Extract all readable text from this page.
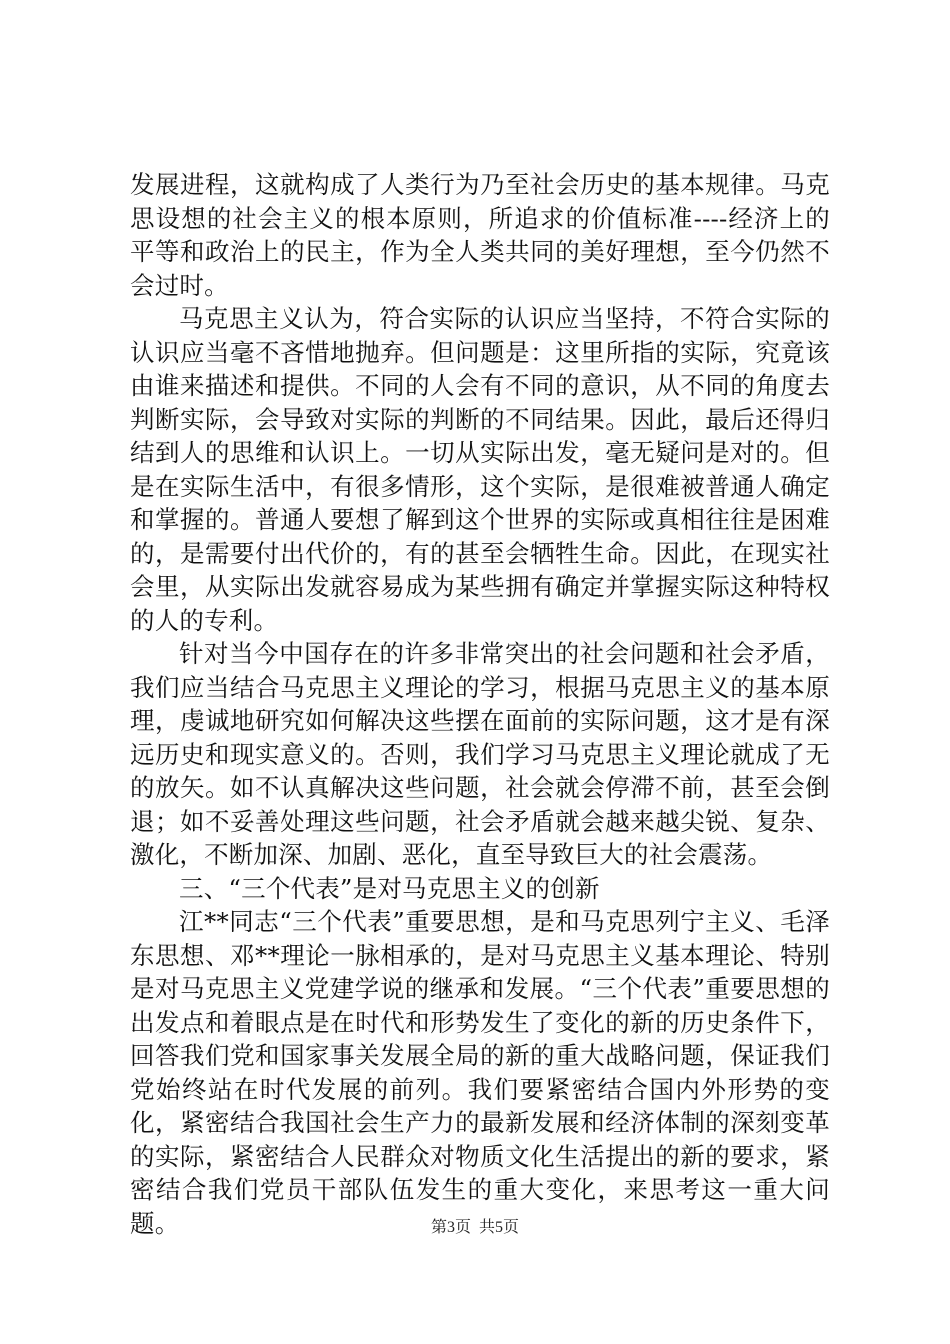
发展进程，这就构成了人类行为乃至社会历史的基本规律。马克思设想的社会主义的根本原则，所追求的价值标准----经济上的平等和政治上的民主，作为全人类共同的美好理想，至今仍然不会过时。

马克思主义认为，符合实际的认识应当坚持，不符合实际的认识应当毫不吝惜地抛弃。但问题是：这里所指的实际，究竟该由谁来描述和提供。不同的人会有不同的意识，从不同的角度去判断实际，会导致对实际的判断的不同结果。因此，最后还得归结到人的思维和认识上。一切从实际出发，毫无疑问是对的。但是在实际生活中，有很多情形，这个实际，是很难被普通人确定和掌握的。普通人要想了解到这个世界的实际或真相往往是困难的，是需要付出代价的，有的甚至会牺牲生命。因此，在现实社会里，从实际出发就容易成为某些拥有确定并掌握实际这种特权的人的专利。

针对当今中国存在的许多非常突出的社会问题和社会矛盾，我们应当结合马克思主义理论的学习，根据马克思主义的基本原理，虔诚地研究如何解决这些摆在面前的实际问题，这才是有深远历史和现实意义的。否则，我们学习马克思主义理论就成了无的放矢。如不认真解决这些问题，社会就会停滞不前，甚至会倒退；如不妥善处理这些问题，社会矛盾就会越来越尖锐、复杂、激化，不断加深、加剧、恶化，直至导致巨大的社会震荡。

三、“三个代表”是对马克思主义的创新

江**同志“三个代表”重要思想，是和马克思列宁主义、毛泽东思想、邓**理论一脉相承的，是对马克思主义基本理论、特别是对马克思主义党建学说的继承和发展。“三个代表”重要思想的出发点和着眼点是在时代和形势发生了变化的新的历史条件下，回答我们党和国家事关发展全局的新的重大战略问题，保证我们党始终站在时代发展的前列。我们要紧密结合国内外形势的变化，紧密结合我国社会生产力的最新发展和经济体制的深刻变革的实际，紧密结合人民群众对物质文化生活提出的新的要求，紧密结合我们党员干部队伍发生的重大变化，来思考这一重大问题。	第3页 共5页
